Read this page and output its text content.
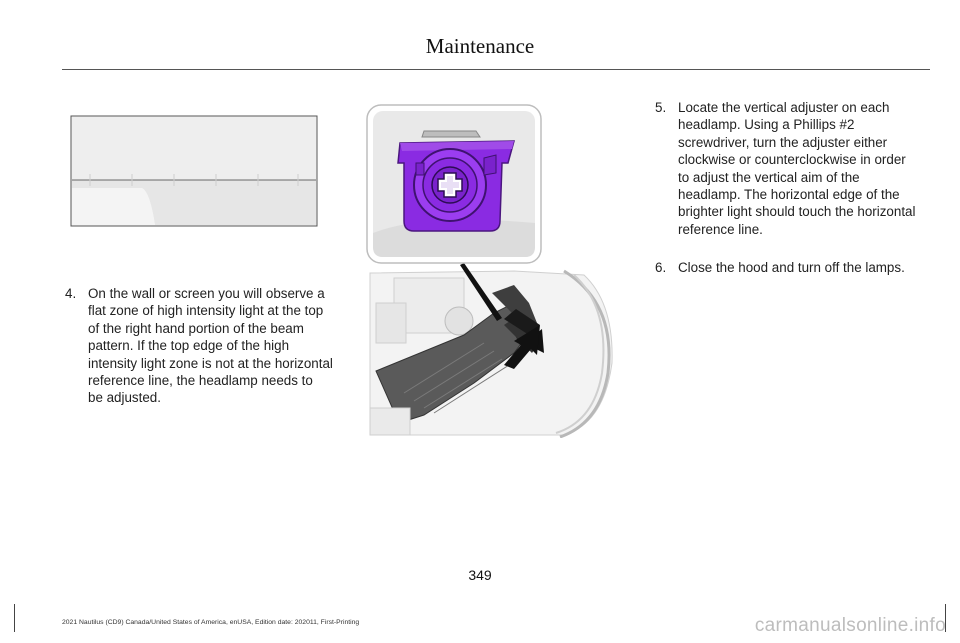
Maintenance
4. On the wall or screen you will observe a
flat zone of high intensity light at the top
of the right hand portion of the beam
pattern. If the top edge of the high
intensity light zone is not at the horizontal
reference line, the headlamp needs to
be adjusted.
5. Locate the vertical adjuster on each
headlamp. Using a Phillips #2
screwdriver, turn the adjuster either
clockwise or counterclockwise in order
to adjust the vertical aim of the
headlamp. The horizontal edge of the
brighter light should touch the horizontal
reference line.
6. Close the hood and turn off the lamps.
349
2021 Nautilus (CD9) Canada/United States of America, enUSA, Edition date: 202011, First-Printing	carmanualsonline.info
